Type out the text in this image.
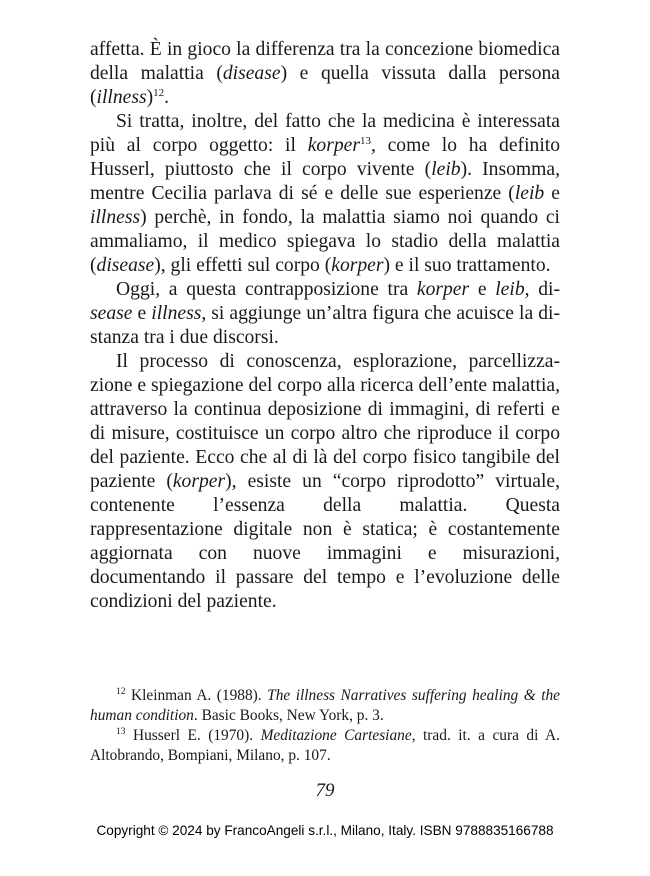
affetta. È in gioco la differenza tra la concezione biomedica della malattia (disease) e quella vissuta dalla persona (illness)$^{12}$.

Si tratta, inoltre, del fatto che la medicina è interessata più al corpo oggetto: il korper$^{13}$, come lo ha definito Husserl, piuttosto che il corpo vivente (leib). Insomma, mentre Cecilia parlava di sé e delle sue esperienze (leib e illness) perchè, in fondo, la malattia siamo noi quando ci ammaliamo, il medico spiegava lo stadio della malattia (disease), gli effetti sul corpo (korper) e il suo trattamento.

Oggi, a questa contrapposizione tra korper e leib, disease e illness, si aggiunge un’altra figura che acuisce la distanza tra i due discorsi.

Il processo di conoscenza, esplorazione, parcellizzazione e spiegazione del corpo alla ricerca dell’ente malattia, attraverso la continua deposizione di immagini, di referti e di misure, costituisce un corpo altro che riproduce il corpo del paziente. Ecco che al di là del corpo fisico tangibile del paziente (korper), esiste un “corpo riprodotto” virtuale, contenente l’essenza della malattia. Questa rappresentazione digitale non è statica; è costantemente aggiornata con nuove immagini e misurazioni, documentando il passare del tempo e l’evoluzione delle condizioni del paziente.

$^{12}$ Kleinman A. (1988). The illness Narratives suffering healing & the human condition. Basic Books, New York, p. 3.

$^{13}$ Husserl E. (1970). Meditazione Cartesiane, trad. it. a cura di A. Altobrando, Bompiani, Milano, p. 107.

79
Copyright © 2024 by FrancoAngeli s.r.l., Milano, Italy. ISBN 9788835166788
